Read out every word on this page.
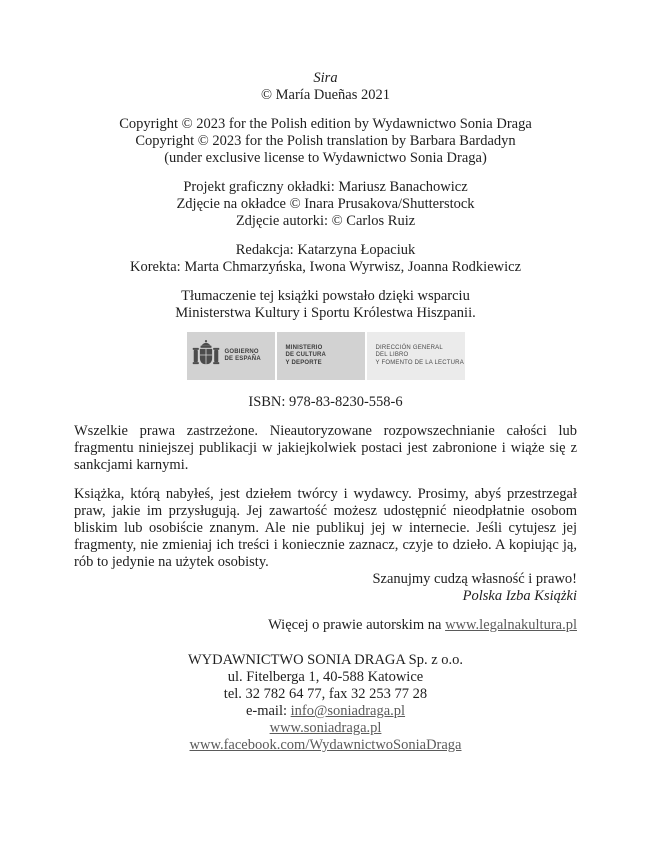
Sira
© María Dueñas 2021
Copyright © 2023 for the Polish edition by Wydawnictwo Sonia Draga
Copyright © 2023 for the Polish translation by Barbara Bardadyn
(under exclusive license to Wydawnictwo Sonia Draga)
Projekt graficzny okładki: Mariusz Banachowicz
Zdjęcie na okładce © Inara Prusakova/Shutterstock
Zdjęcie autorki: © Carlos Ruiz
Redakcja: Katarzyna Łopaciuk
Korekta: Marta Chmarzyńska, Iwona Wyrwisz, Joanna Rodkiewicz
Tłumaczenie tej książki powstało dzięki wsparciu
Ministerstwa Kultury i Sportu Królestwa Hiszpanii.
GOBIERNO
DE ESPAÑA
MINISTERIO
DE CULTURA
Y DEPORTE
DIRECCIÓN GENERAL
DEL LIBRO
Y FOMENTO DE LA LECTURA
ISBN: 978-83-8230-558-6

Wszelkie prawa zastrzeżone. Nieautoryzowane rozpowszechnianie całości lub fragmentu niniejszej publikacji w jakiejkolwiek postaci jest zabronione i wiąże się z sankcjami karnymi.

Książka, którą nabyłeś, jest dziełem twórcy i wydawcy. Prosimy, abyś przestrzegał praw, jakie im przysługują. Jej zawartość możesz udostępnić nieodpłatnie osobom bliskim lub osobiście znanym. Ale nie publikuj jej w internecie. Jeśli cytujesz jej fragmenty, nie zmieniaj ich treści i koniecznie zaznacz, czyje to dzieło. A kopiując ją, rób to jedynie na użytek osobisty.

Szanujmy cudzą własność i prawo!
Polska Izba Książki
Więcej o prawie autorskim na www.legalnakultura.pl
WYDAWNICTWO SONIA DRAGA Sp. z o.o.
ul. Fitelberga 1, 40-588 Katowice
tel. 32 782 64 77, fax 32 253 77 28
e-mail: info@soniadraga.pl
www.soniadraga.pl
www.facebook.com/WydawnictwoSoniaDraga
